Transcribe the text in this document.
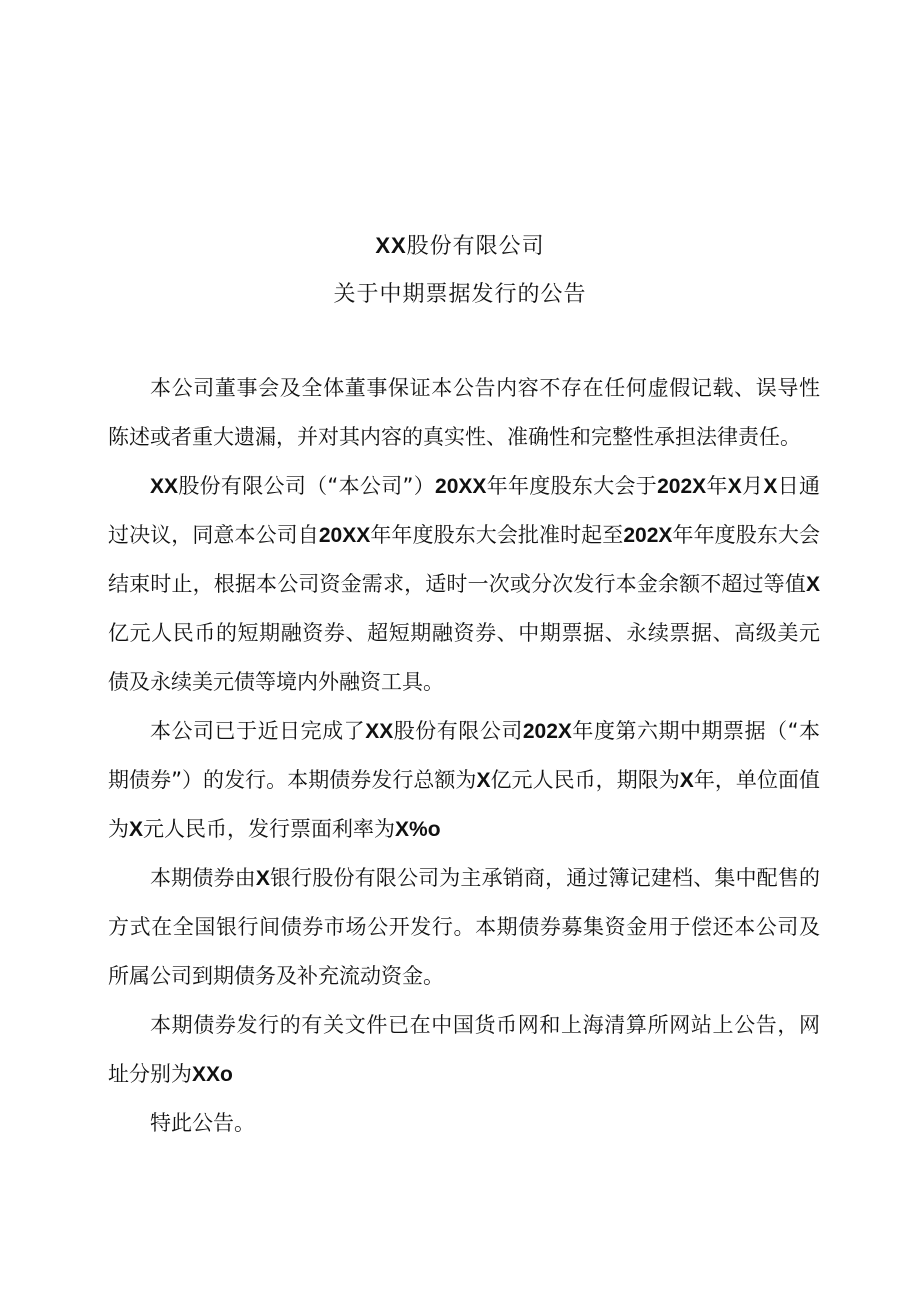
XX股份有限公司
关于中期票据发行的公告

本公司董事会及全体董事保证本公告内容不存在任何虚假记载、误导性陈述或者重大遗漏，并对其内容的真实性、准确性和完整性承担法律责任。

XX股份有限公司（“本公司”）20XX年年度股东大会于202X年X月X日通过决议，同意本公司自20XX年年度股东大会批准时起至202X年年度股东大会结束时止，根据本公司资金需求，适时一次或分次发行本金余额不超过等值X亿元人民币的短期融资券、超短期融资券、中期票据、永续票据、高级美元债及永续美元债等境内外融资工具。

本公司已于近日完成了XX股份有限公司202X年度第六期中期票据（“本期债券”）的发行。本期债券发行总额为X亿元人民币，期限为X年，单位面值为X元人民币，发行票面利率为X%o

本期债券由X银行股份有限公司为主承销商，通过簿记建档、集中配售的方式在全国银行间债券市场公开发行。本期债券募集资金用于偿还本公司及所属公司到期债务及补充流动资金。

本期债券发行的有关文件已在中国货币网和上海清算所网站上公告，网址分别为XXo

特此公告。
